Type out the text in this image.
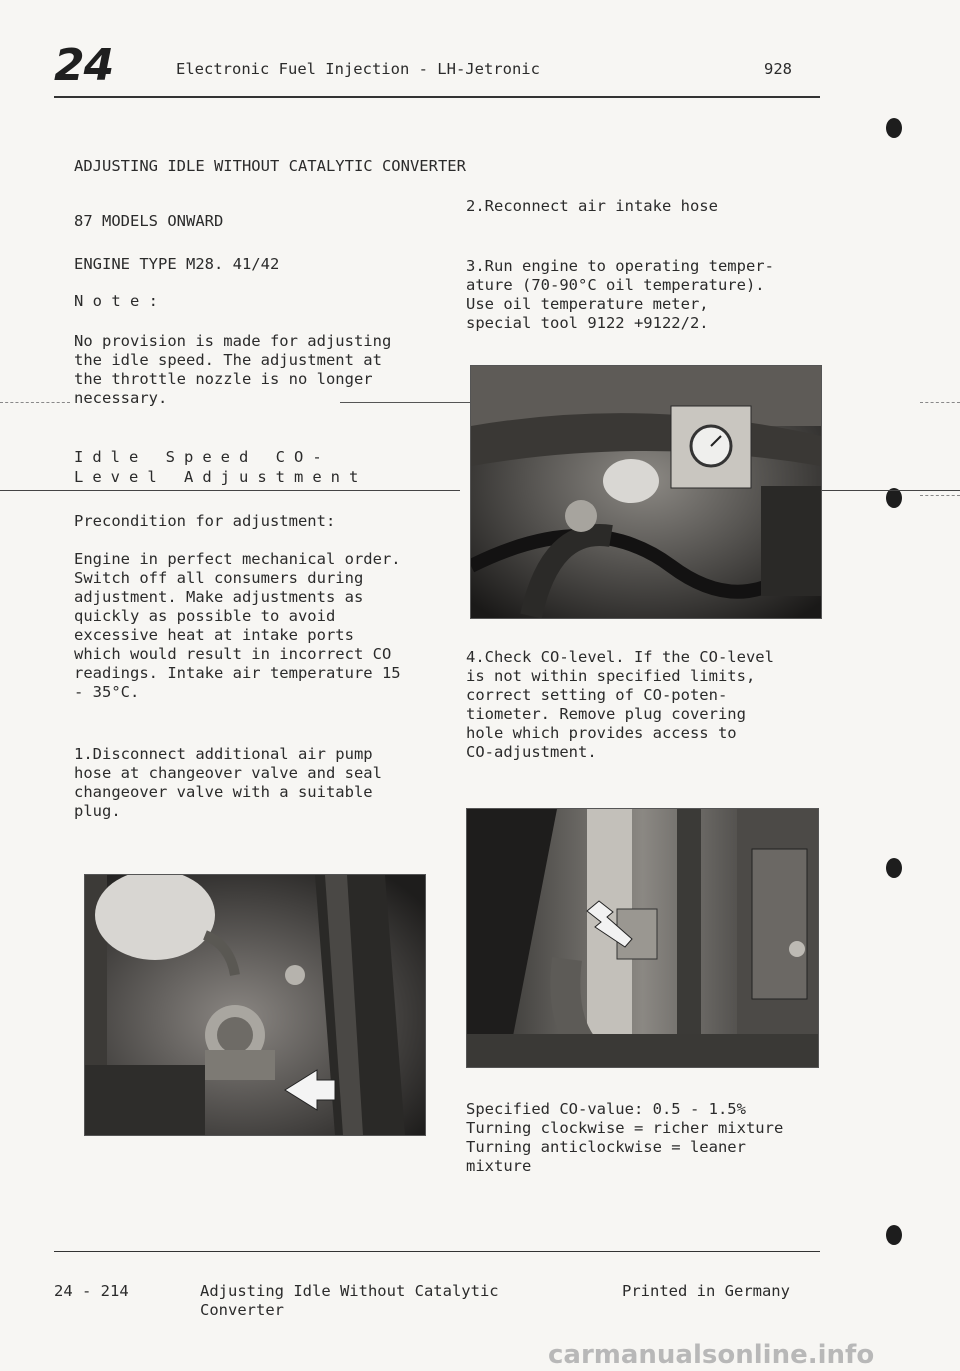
24	Electronic Fuel Injection - LH-Jetronic	928
ADJUSTING IDLE WITHOUT CATALYTIC CONVERTER
87 MODELS ONWARD
ENGINE TYPE M28. 41/42
N o t e :
No provision is made for adjusting
the idle speed. The adjustment at
the throttle nozzle is no longer
necessary.
Idle Speed CO-
Level Adjustment
Precondition for adjustment:
Engine in perfect mechanical order.
Switch off all consumers during
adjustment. Make adjustments as
quickly as possible to avoid
excessive heat at intake ports
which would result in incorrect CO
readings. Intake air temperature 15
- 35°C.
1.Disconnect additional air pump
hose at changeover valve and seal
changeover valve with a suitable
plug.
2.Reconnect air intake hose
3.Run engine to operating temper-
ature (70-90°C oil temperature).
Use oil temperature meter,
special tool 9122 +9122/2.
4.Check CO-level. If the CO-level
is not within specified limits,
correct setting of CO-poten-
tiometer. Remove plug covering
hole which provides access to
CO-adjustment.
Specified CO-value: 0.5 - 1.5%
Turning clockwise = richer mixture
Turning anticlockwise = leaner
mixture
24 - 214	Adjusting Idle Without Catalytic
Converter
Printed in Germany
carmanualsonline.info
